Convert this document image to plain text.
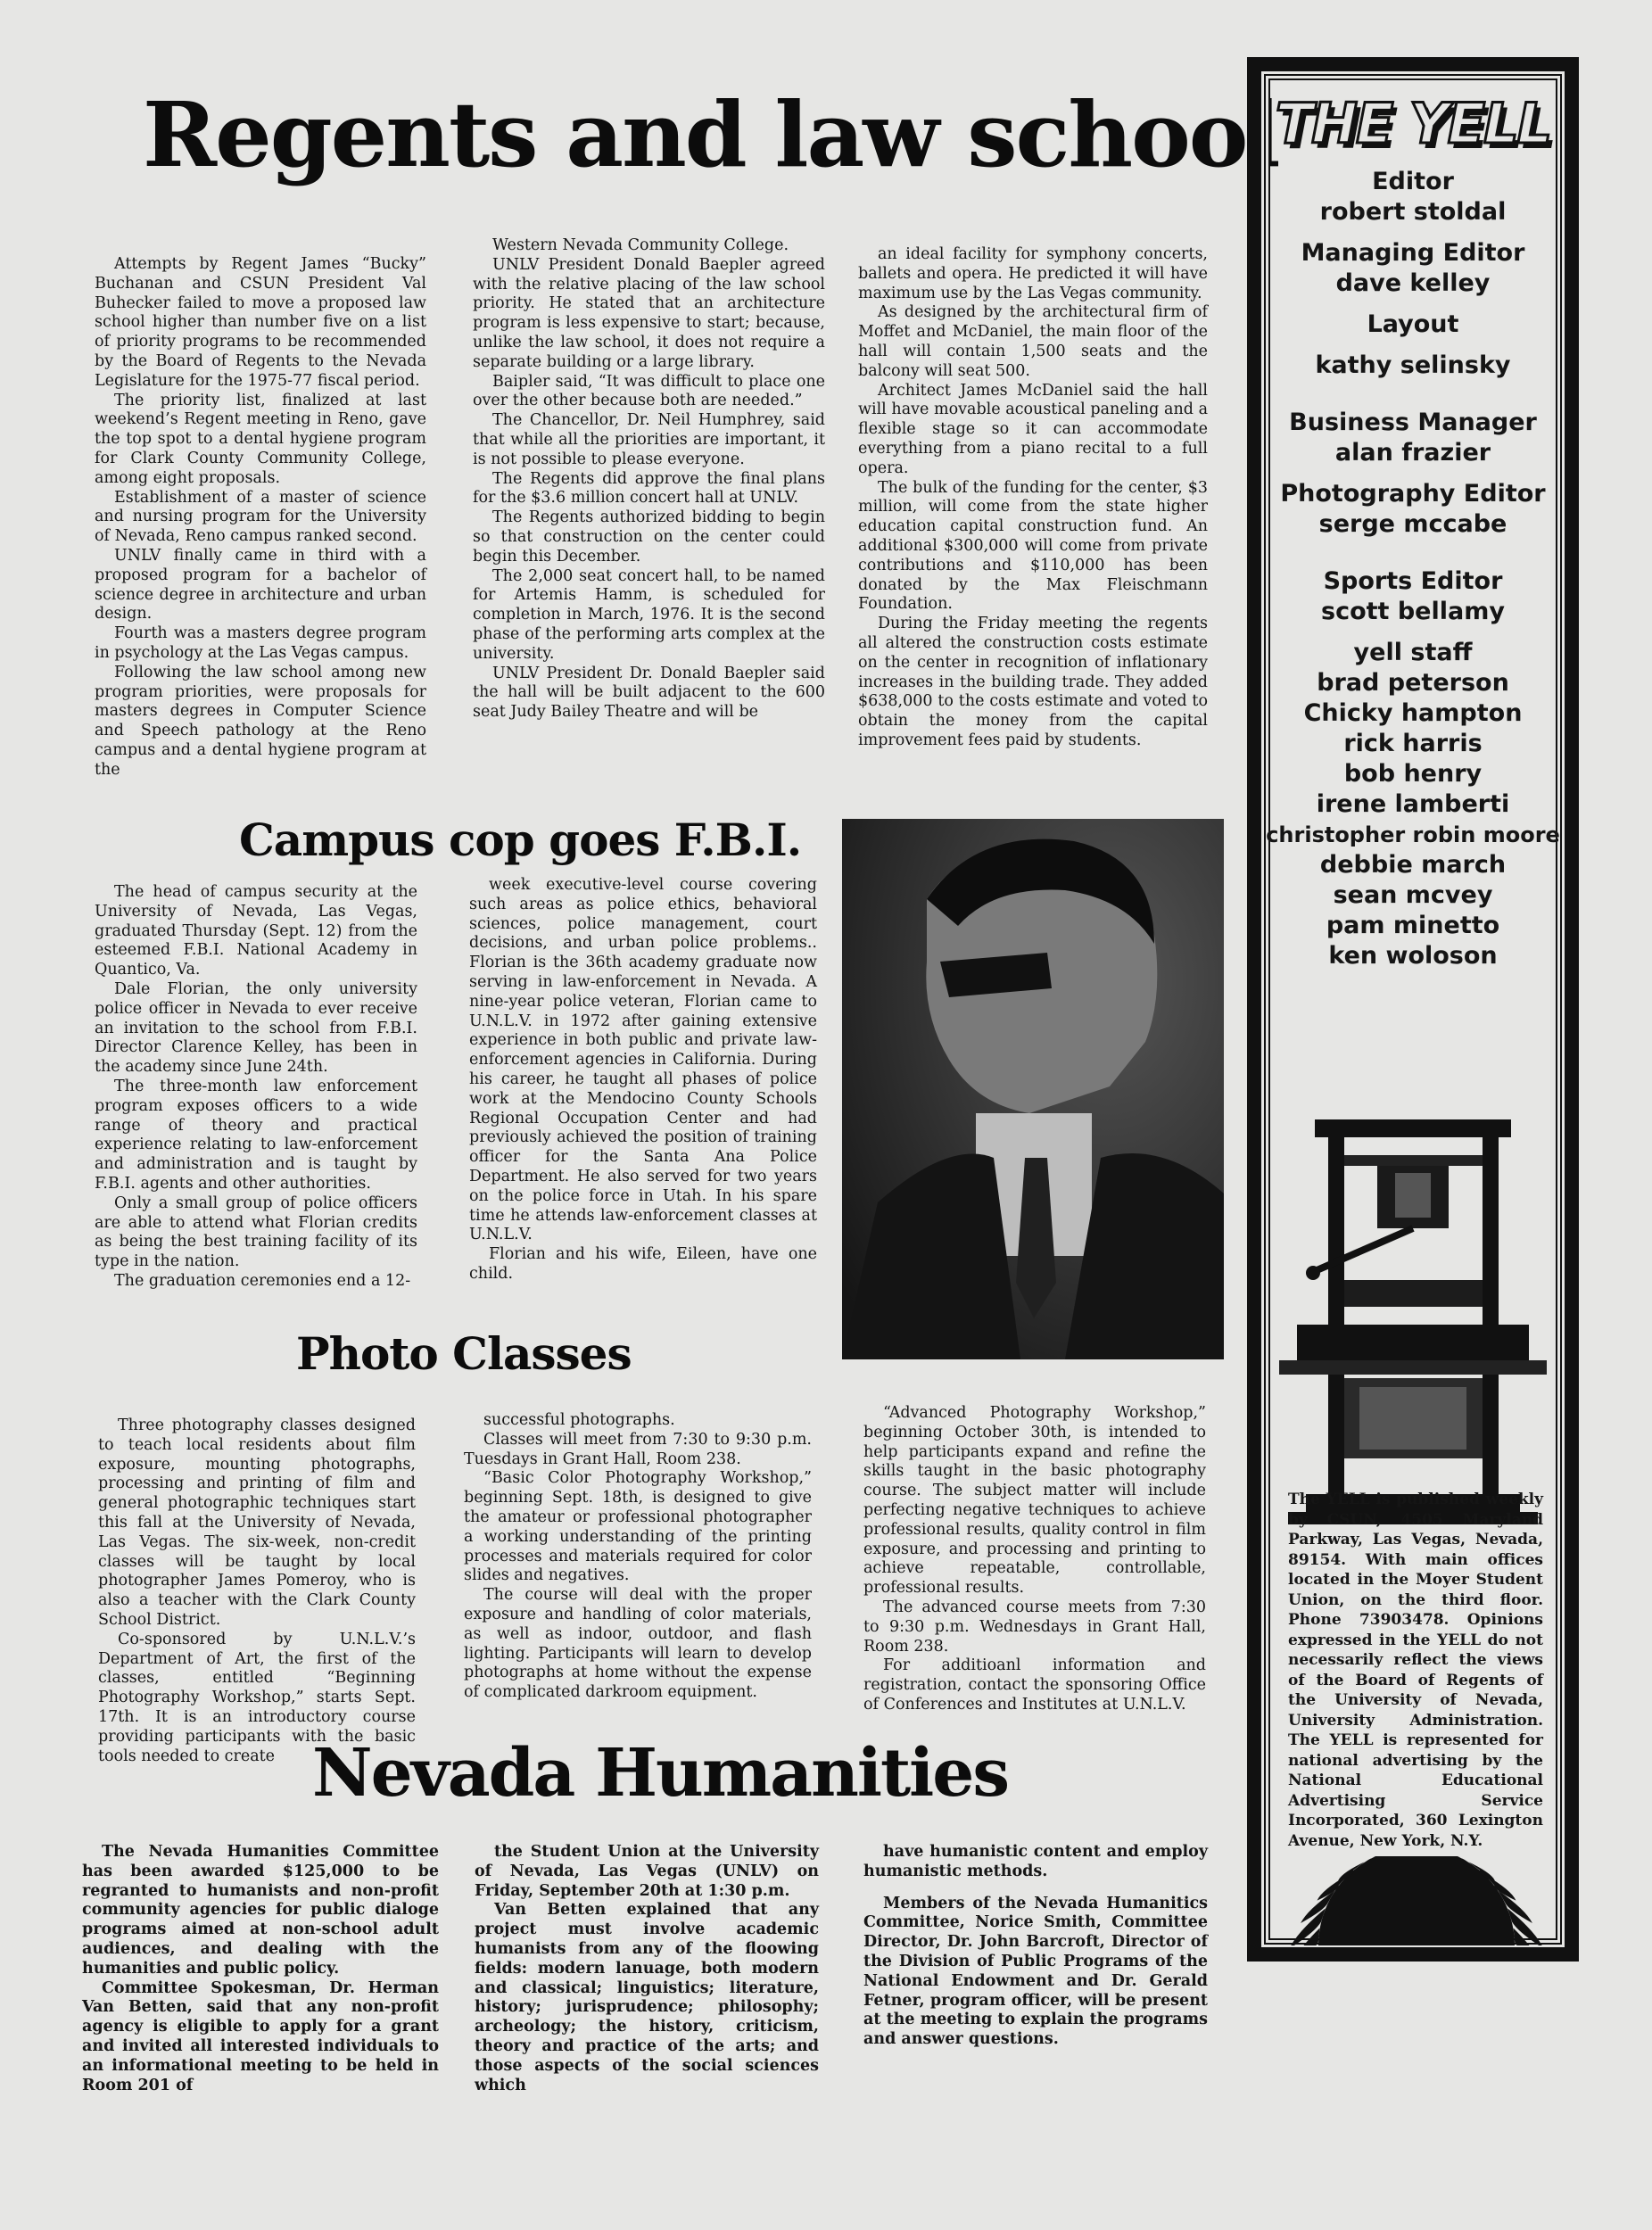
Regents and law school

Attempts by Regent James “Bucky” Buchanan and CSUN President Val Buhecker failed to move a proposed law school higher than number five on a list of priority programs to be recommended by the Board of Regents to the Nevada Legislature for the 1975-77 fiscal period.

The priority list, finalized at last weekend’s Regent meeting in Reno, gave the top spot to a dental hygiene program for Clark County Community College, among eight proposals.

Establishment of a master of science and nursing program for the University of Nevada, Reno campus ranked second.

UNLV finally came in third with a proposed program for a bachelor of science degree in architecture and urban design.

Fourth was a masters degree program in psychology at the Las Vegas campus.

Following the law school among new program priorities, were proposals for masters degrees in Computer Science and Speech pathology at the Reno campus and a dental hygiene program at the

Western Nevada Community College.

UNLV President Donald Baepler agreed with the relative placing of the law school priority. He stated that an architecture program is less expensive to start; because, unlike the law school, it does not require a separate building or a large library.

Baipler said, “It was difficult to place one over the other because both are needed.”

The Chancellor, Dr. Neil Humphrey, said that while all the priorities are important, it is not possible to please everyone.

The Regents did approve the final plans for the $3.6 million concert hall at UNLV.

The Regents authorized bidding to begin so that construction on the center could begin this December.

The 2,000 seat concert hall, to be named for Artemis Hamm, is scheduled for completion in March, 1976. It is the second phase of the performing arts complex at the university.

UNLV President Dr. Donald Baepler said the hall will be built adjacent to the 600 seat Judy Bailey Theatre and will be

an ideal facility for symphony concerts, ballets and opera. He predicted it will have maximum use by the Las Vegas community.

As designed by the architectural firm of Moffet and McDaniel, the main floor of the hall will contain 1,500 seats and the balcony will seat 500.

Architect James McDaniel said the hall will have movable acoustical paneling and a flexible stage so it can accommodate everything from a piano recital to a full opera.

The bulk of the funding for the center, $3 million, will come from the state higher education capital construction fund. An additional $300,000 will come from private contributions and $110,000 has been donated by the Max Fleischmann Foundation.

During the Friday meeting the regents all altered the construction costs estimate on the center in recognition of inflationary increases in the building trade. They added $638,000 to the costs estimate and voted to obtain the money from the capital improvement fees paid by students.

Campus cop goes F.B.I.

The head of campus security at the University of Nevada, Las Vegas, graduated Thursday (Sept. 12) from the esteemed F.B.I. National Academy in Quantico, Va.

Dale Florian, the only university police officer in Nevada to ever receive an invitation to the school from F.B.I. Director Clarence Kelley, has been in the academy since June 24th.

The three-month law enforcement program exposes officers to a wide range of theory and practical experience relating to law-enforcement and administration and is taught by F.B.I. agents and other authorities.

Only a small group of police officers are able to attend what Florian credits as being the best training facility of its type in the nation.

The graduation ceremonies end a 12-

week executive-level course covering such areas as police ethics, behavioral sciences, police management, court decisions, and urban police problems.. Florian is the 36th academy graduate now serving in law-enforcement in Nevada. A nine-year police veteran, Florian came to U.N.L.V. in 1972 after gaining extensive experience in both public and private law-enforcement agencies in California. During his career, he taught all phases of police work at the Mendocino County Schools Regional Occupation Center and had previously achieved the position of training officer for the Santa Ana Police Department. He also served for two years on the police force in Utah. In his spare time he attends law-enforcement classes at U.N.L.V.

Florian and his wife, Eileen, have one child.

Photo Classes

Three photography classes designed to teach local residents about film exposure, mounting photographs, processing and printing of film and general photographic techniques start this fall at the University of Nevada, Las Vegas. The six-week, non-credit classes will be taught by local photographer James Pomeroy, who is also a teacher with the Clark County School District.

Co-sponsored by U.N.L.V.’s Department of Art, the first of the classes, entitled “Beginning Photography Workshop,” starts Sept. 17th. It is an introductory course providing participants with the basic tools needed to create

successful photographs.

Classes will meet from 7:30 to 9:30 p.m. Tuesdays in Grant Hall, Room 238.

“Basic Color Photography Workshop,” beginning Sept. 18th, is designed to give the amateur or professional photographer a working understanding of the printing processes and materials required for color slides and negatives.

The course will deal with the proper exposure and handling of color materials, as well as indoor, outdoor, and flash lighting. Participants will learn to develop photographs at home without the expense of complicated darkroom equipment.

“Advanced Photography Workshop,” beginning October 30th, is intended to help participants expand and refine the skills taught in the basic photography course. The subject matter will include perfecting negative techniques to achieve professional results, quality control in film exposure, and processing and printing to achieve repeatable, controllable, professional results.

The advanced course meets from 7:30 to 9:30 p.m. Wednesdays in Grant Hall, Room 238.

For additioanl information and registration, contact the sponsoring Office of Conferences and Institutes at U.N.L.V.

Nevada Humanities

The Nevada Humanities Committee has been awarded $125,000 to be regranted to humanists and non-profit community agencies for public dialoge programs aimed at non-school adult audiences, and dealing with the humanities and public policy.

Committee Spokesman, Dr. Herman Van Betten, said that any non-profit agency is eligible to apply for a grant and invited all interested individuals to an informational meeting to be held in Room 201 of

the Student Union at the University of Nevada, Las Vegas (UNLV) on Friday, September 20th at 1:30 p.m.

Van Betten explained that any project must involve academic humanists from any of the floowing fields: modern lanuage, both modern and classical; linguistics; literature, history; jurisprudence; philosophy; archeology; the history, criticism, theory and practice of the arts; and those aspects of the social sciences which

have humanistic content and employ humanistic methods.

Members of the Nevada Humanitics Committee, Norice Smith, Committee Director, Dr. John Barcroft, Director of the Division of Public Programs of the National Endowment and Dr. Gerald Fetner, program officer, will be present at the meeting to explain the programs and answer questions.

THE YELL
Editor
robert stoldal
Managing Editor
dave kelley
Layout
kathy selinsky
Business Manager
alan frazier
Photography Editor
serge mccabe
Sports Editor
scott bellamy
yell staff
brad peterson
Chicky hampton
rick harris
bob henry
irene lamberti
christopher robin moore
debbie march
sean mcvey
pam minetto
ken woloson
The YELL is published weekly by CSUN, 4505 Maryland Parkway, Las Vegas, Nevada, 89154. With main offices located in the Moyer Student Union, on the third floor. Phone 73903478. Opinions expressed in the YELL do not necessarily reflect the views of the Board of Regents of the University of Nevada, University Administration. The YELL is represented for national advertising by the National Educational Advertising Service Incorporated, 360 Lexington Avenue, New York, N.Y.
